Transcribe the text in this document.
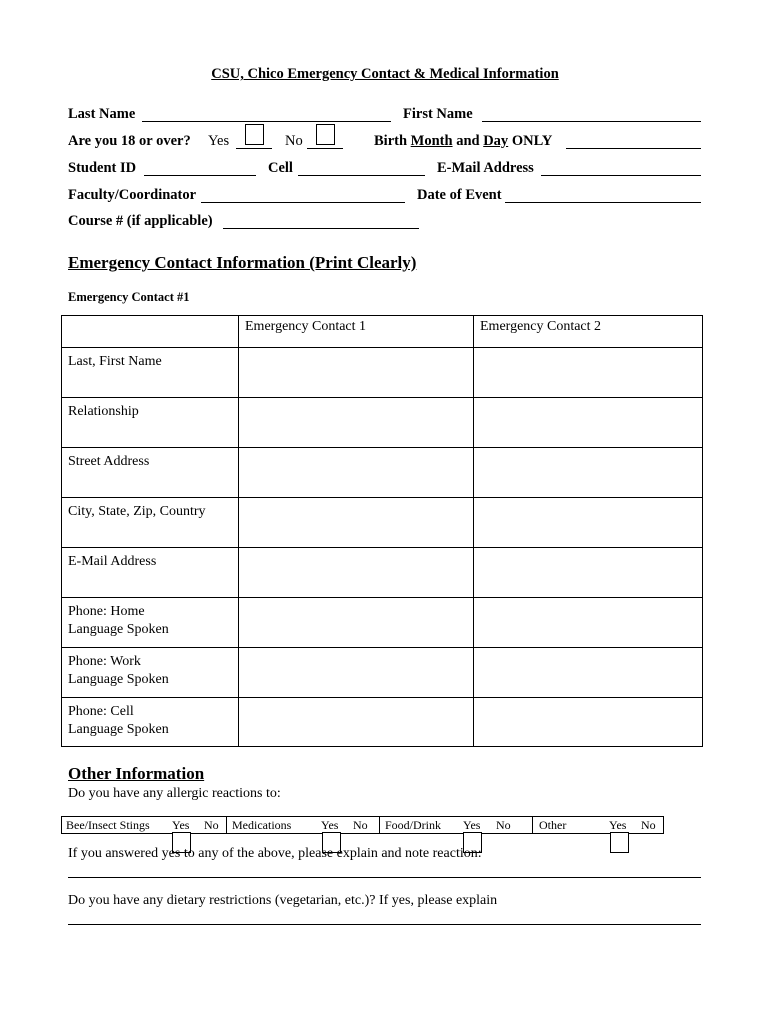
CSU, Chico Emergency Contact & Medical Information
Last Name	First Name
Are you 18 or over? Yes	No	Birth Month and Day ONLY
Student ID	Cell	E-Mail Address
Faculty/Coordinator	Date of Event
Course # (if applicable)
Emergency Contact Information (Print Clearly)
Emergency Contact #1
	Emergency Contact 1	Emergency Contact 2

Last, First Name		

Relationship		

Street Address		

City, State, Zip, Country		

E-Mail Address		

Phone: Home
Language Spoken		

Phone: Work
Language Spoken		

Phone: Cell
Language Spoken		

Other Information
Do you have any allergic reactions to:
Bee/Insect Stings Yes No Medications Yes No Food/Drink Yes No Other	Yes No
If you answered yes to any of the above, please explain and note reaction:
Do you have any dietary restrictions (vegetarian, etc.)? If yes, please explain
